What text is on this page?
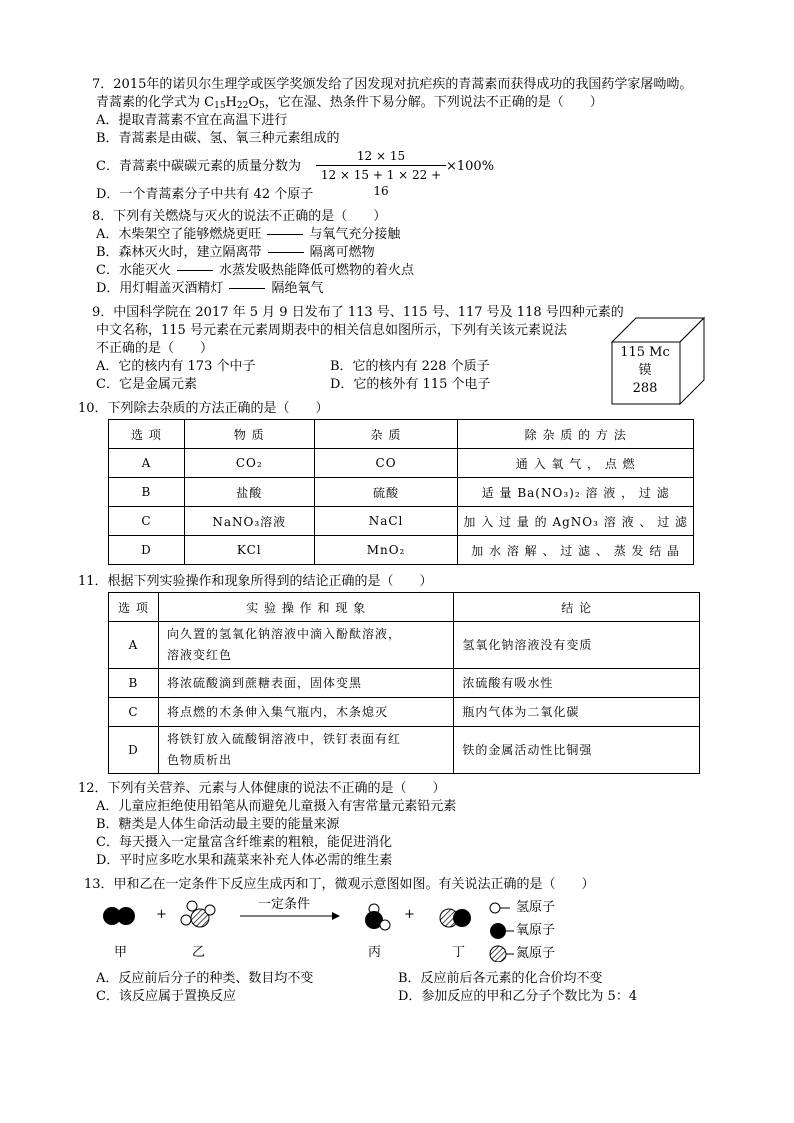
7．2015年的诺贝尔生理学或医学奖颁发给了因发现对抗疟疾的青蒿素而获得成功的我国药学家屠呦呦。
青蒿素的化学式为 $C_{15}H_{22}O_5$，它在湿、热条件下易分解。下列说法不正确的是（　　）
A．提取青蒿素不宜在高温下进行
B．青蒿素是由碳、氢、氧三种元素组成的
C．青蒿素中碳碳元素的质量分数为
12 × 15
12 × 15 + 1 × 22 + 16
×100%
D．一个青蒿素分子中共有 42 个原子
8．下列有关燃烧与灭火的说法不正确的是（　　）
A．木柴架空了能够燃烧更旺	与氧气充分接触
B．森林灭火时，建立隔离带	隔离可燃物
C．水能灭火	水蒸发吸热能降低可燃物的着火点
D．用灯帽盖灭酒精灯	隔绝氧气
9．中国科学院在 2017 年 5 月 9 日发布了 113 号、115 号、117 号及 118 号四种元素的
中文名称，115 号元素在元素周期表中的相关信息如图所示，下列有关该元素说法
不正确的是（　　）
A．它的核内有 173 个中子	B．它的核内有 228 个质子
C．它是金属元素	D．它的核外有 115 个电子
115 Mc
镆
288
10．下列除去杂质的方法正确的是（　　）
选 项	物 质	杂 质	除 杂 质 的 方 法
A	CO₂	CO	通 入 氧 气 ， 点 燃
B	盐酸	硫酸	适 量 Ba(NO₃)₂ 溶 液 ， 过 滤
C	NaNO₃溶液	NaCl	加 入 过 量 的 AgNO₃ 溶 液 、 过 滤
D	KCl	MnO₂	加 水 溶 解 、 过 滤 、 蒸 发 结 晶
11．根据下列实验操作和现象所得到的结论正确的是（　　）
选 项	实 验 操 作 和 现 象	结 论
A	向久置的氢氧化钠溶液中滴入酚酞溶液，
溶液变红色	氢氧化钠溶液没有变质
B	将浓硫酸滴到蔗糖表面，固体变黑	浓硫酸有吸水性
C	将点燃的木条伸入集气瓶内，木条熄灭	瓶内气体为二氧化碳
D	将铁钉放入硫酸铜溶液中，铁钉表面有红
色物质析出	铁的金属活动性比铜强
12．下列有关营养、元素与人体健康的说法不正确的是（　　）
A．儿童应拒绝使用铅笔从而避免儿童摄入有害常量元素铅元素
B．糖类是人体生命活动最主要的能量来源
C．每天摄入一定量富含纤维素的粗粮，能促进消化
D．平时应多吃水果和蔬菜来补充人体必需的维生素
13．甲和乙在一定条件下反应生成丙和丁，微观示意图如图。有关说法正确的是（　　）
+	+
一定条件
甲	乙	丙	丁
氢原子
氧原子
氮原子
A．反应前后分子的种类、数目均不变	B．反应前后各元素的化合价均不变
C．该反应属于置换反应	D．参加反应的甲和乙分子个数比为 5：4
